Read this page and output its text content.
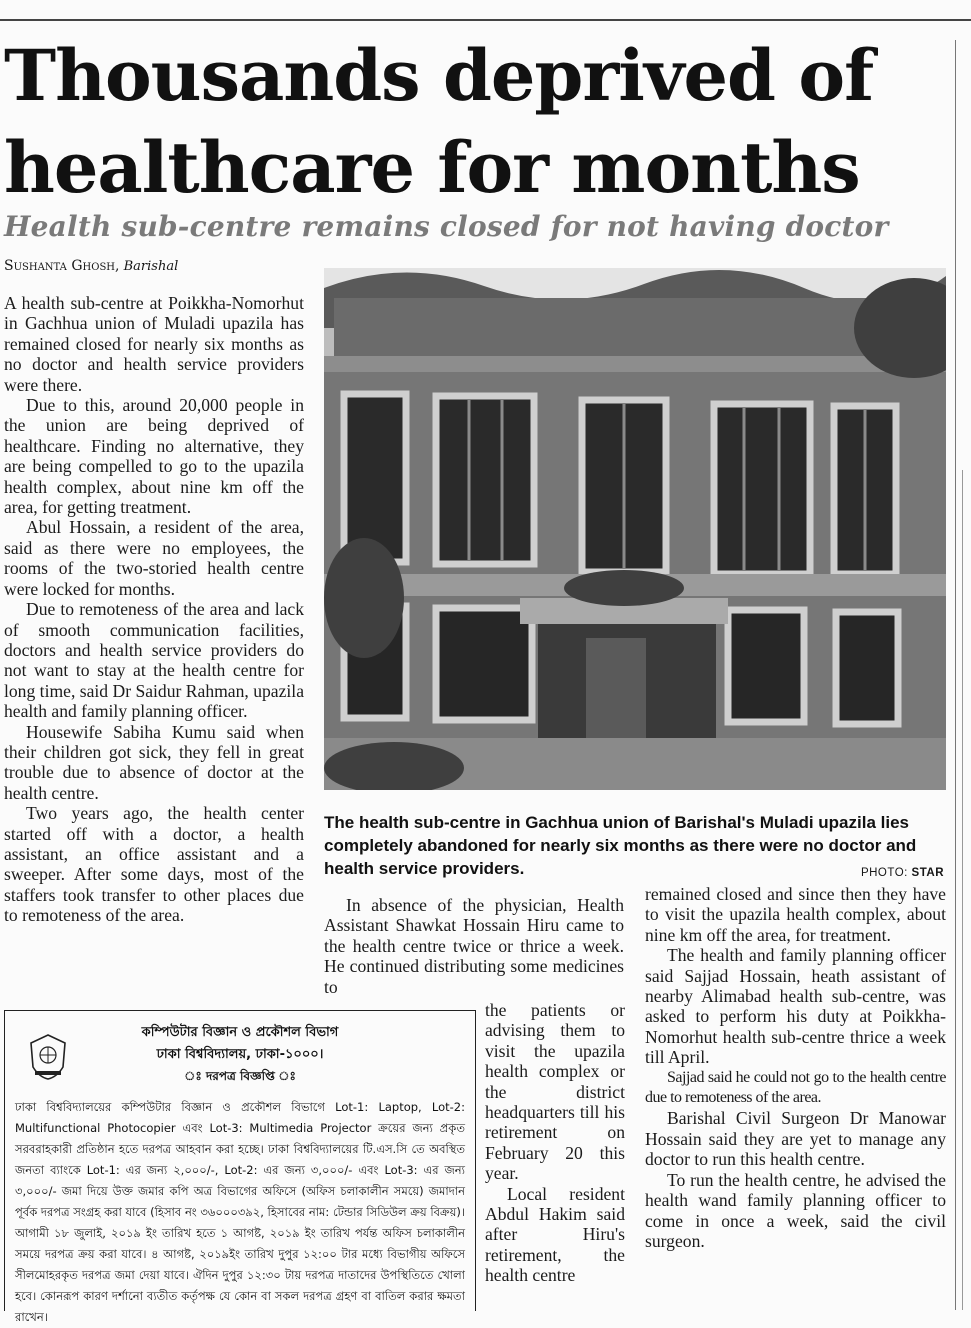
Thousands deprived of healthcare for months
Health sub-centre remains closed for not having doctor
Sushanta Ghosh, Barishal

A health sub-centre at Poikkha-Nomorhut in Gachhua union of Muladi upazila has remained closed for nearly six months as no doctor and health service providers were there.

Due to this, around 20,000 people in the union are being deprived of healthcare. Finding no alternative, they are being compelled to go to the upazila health complex, about nine km off the area, for getting treatment.

Abul Hossain, a resident of the area, said as there were no employees, the rooms of the two-storied health centre were locked for months.

Due to remoteness of the area and lack of smooth communication facilities, doctors and health service providers do not want to stay at the health centre for long time, said Dr Saidur Rahman, upazila health and family planning officer.

Housewife Sabiha Kumu said when their children got sick, they fell in great trouble due to absence of doctor at the health centre.

Two years ago, the health center started off with a doctor, a health assistant, an office assistant and a sweeper. After some days, most of the staffers took transfer to other places due to remoteness of the area.

The health sub-centre in Gachhua union of Barishal's Muladi upazila lies completely abandoned for nearly six months as there were no doctor and health service providers.	PHOTO: STAR

In absence of the physician, Health Assistant Shawkat Hossain Hiru came to the health centre twice or thrice a week. He continued distributing some medicines to

the patients or advising them to visit the upazila health complex or the district headquarters till his retirement on February 20 this year.

Local resident Abdul Hakim said after Hiru's retirement, the health centre

remained closed and since then they have to visit the upazila health complex, about nine km off the area, for treatment.

The health and family planning officer said Sajjad Hossain, heath assistant of nearby Alimabad health sub-centre, was asked to perform his duty at Poikkha-Nomorhut health sub-centre thrice a week till April.

Sajjad said he could not go to the health centre due to remoteness of the area.

Barishal Civil Surgeon Dr Manowar Hossain said they are yet to manage any doctor to run this health centre.

To run the health centre, he advised the health wand family planning officer to come in once a week, said the civil surgeon.

কম্পিউটার বিজ্ঞান ও প্রকৌশল বিভাগ
ঢাকা বিশ্ববিদ্যালয়, ঢাকা-১০০০।
ঃ দরপত্র বিজ্ঞপ্তি ঃ
ঢাকা বিশ্ববিদ্যালয়ের কম্পিউটার বিজ্ঞান ও প্রকৌশল বিভাগে Lot-1: Laptop, Lot-2: Multifunctional Photocopier এবং Lot-3: Multimedia Projector ক্রয়ের জন্য প্রকৃত সরবরাহকারী প্রতিষ্ঠান হতে দরপত্র আহবান করা হচ্ছে। ঢাকা বিশ্ববিদ্যালয়ের টি.এস.সি তে অবস্থিত জনতা ব্যাংকে Lot-1: এর জন্য ২,০০০/-, Lot-2: এর জন্য ৩,০০০/- এবং Lot-3: এর জন্য ৩,০০০/- জমা দিয়ে উক্ত জমার কপি অত্র বিভাগের অফিসে (অফিস চলাকালীন সময়ে) জমাদান পূর্বক দরপত্র সংগ্রহ করা যাবে (হিসাব নং ৩৬০০০৩৯২, হিসাবের নাম: টেন্ডার সিডিউল ক্রয় বিক্রয়)। আগামী ১৮ জুলাই, ২০১৯ ইং তারিখ হতে ১ আগষ্ট, ২০১৯ ইং তারিখ পর্যন্ত অফিস চলাকালীন সময়ে দরপত্র ক্রয় করা যাবে। ৪ আগষ্ট, ২০১৯ইং তারিখ দুপুর ১২:০০ টার মধ্যে বিভাগীয় অফিসে সীলমোহরকৃত দরপত্র জমা দেয়া যাবে। ঐদিন দুপুর ১২:৩০ টায় দরপত্র দাতাদের উপস্থিতিতে খোলা হবে। কোনরূপ কারণ দর্শানো ব্যতীত কর্তৃপক্ষ যে কোন বা সকল দরপত্র গ্রহণ বা বাতিল করার ক্ষমতা রাখেন।
